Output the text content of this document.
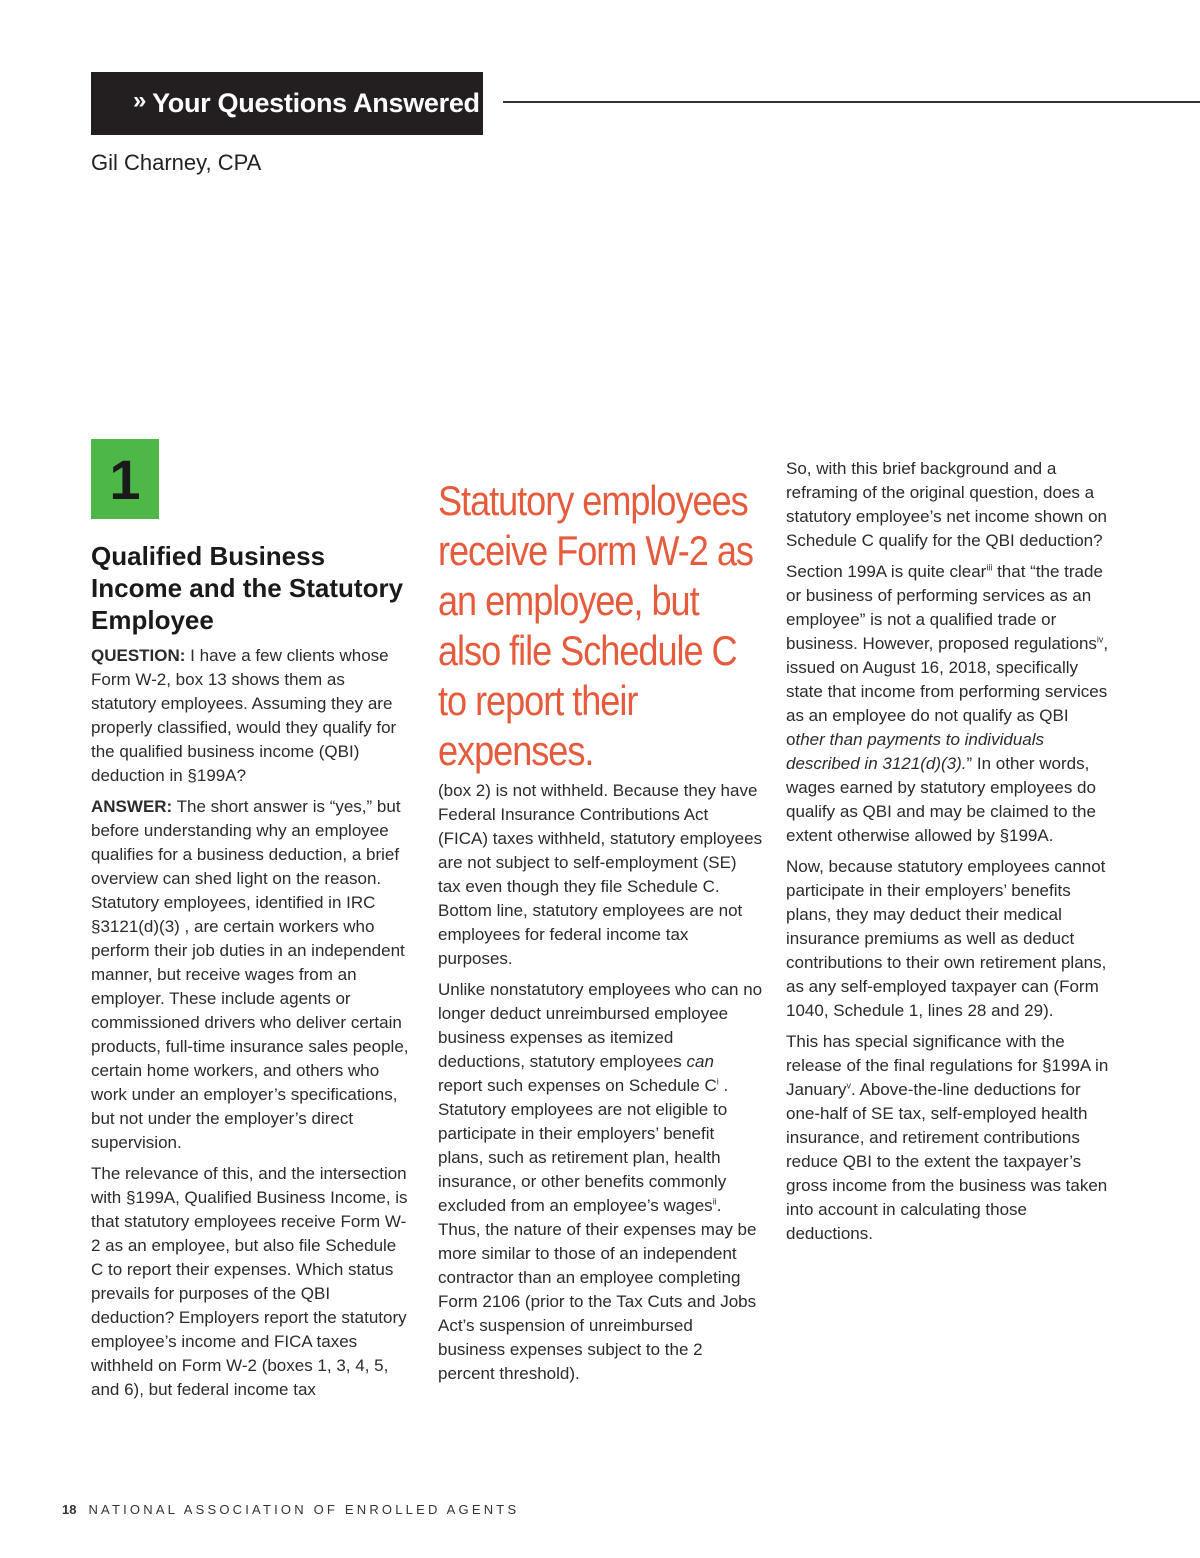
» Your Questions Answered
Gil Charney, CPA
1
Qualified Business Income and the Statutory Employee

QUESTION: I have a few clients whose Form W-2, box 13 shows them as statutory employees. Assuming they are properly classified, would they qualify for the qualified business income (QBI) deduction in §199A?

ANSWER: The short answer is “yes,” but before understanding why an employee qualifies for a business deduction, a brief overview can shed light on the reason. Statutory employees, identified in IRC §3121(d)(3) , are certain workers who perform their job duties in an independent manner, but receive wages from an employer. These include agents or commissioned drivers who deliver certain products, full-time insurance sales people, certain home workers, and others who work under an employer’s specifications, but not under the employer’s direct supervision.

The relevance of this, and the intersection with §199A, Qualified Business Income, is that statutory employees receive Form W-2 as an employee, but also file Schedule C to report their expenses. Which status prevails for purposes of the QBI deduction? Employers report the statutory employee’s income and FICA taxes withheld on Form W-2 (boxes 1, 3, 4, 5, and 6), but federal income tax

Statutory employees receive Form W-2 as an employee, but also file Schedule C to report their expenses.

(box 2) is not withheld. Because they have Federal Insurance Contributions Act (FICA) taxes withheld, statutory employees are not subject to self-employment (SE) tax even though they file Schedule C. Bottom line, statutory employees are not employees for federal income tax purposes.

Unlike nonstatutory employees who can no longer deduct unreimbursed employee business expenses as itemized deductions, statutory employees can report such expenses on Schedule $C^i$ . Statutory employees are not eligible to participate in their employers’ benefit plans, such as retirement plan, health insurance, or other benefits commonly excluded from an employee’s wages$^{ii}$. Thus, the nature of their expenses may be more similar to those of an independent contractor than an employee completing Form 2106 (prior to the Tax Cuts and Jobs Act’s suspension of unreimbursed business expenses subject to the 2 percent threshold).

So, with this brief background and a reframing of the original question, does a statutory employee’s net income shown on Schedule C qualify for the QBI deduction?

Section 199A is quite clear$^{iii}$ that “the trade or business of performing services as an employee” is not a qualified trade or business. However, proposed regulations$^{iv}$, issued on August 16, 2018, specifically state that income from performing services as an employee do not qualify as QBI other than payments to individuals described in 3121(d)(3).” In other words, wages earned by statutory employees do qualify as QBI and may be claimed to the extent otherwise allowed by §199A.

Now, because statutory employees cannot participate in their employers’ benefits plans, they may deduct their medical insurance premiums as well as deduct contributions to their own retirement plans, as any self-employed taxpayer can (Form 1040, Schedule 1, lines 28 and 29).

This has special significance with the release of the final regulations for §199A in January$^v$. Above-the-line deductions for one-half of SE tax, self-employed health insurance, and retirement contributions reduce QBI to the extent the taxpayer’s gross income from the business was taken into account in calculating those deductions.

18 NATIONAL ASSOCIATION OF ENROLLED AGENTS
